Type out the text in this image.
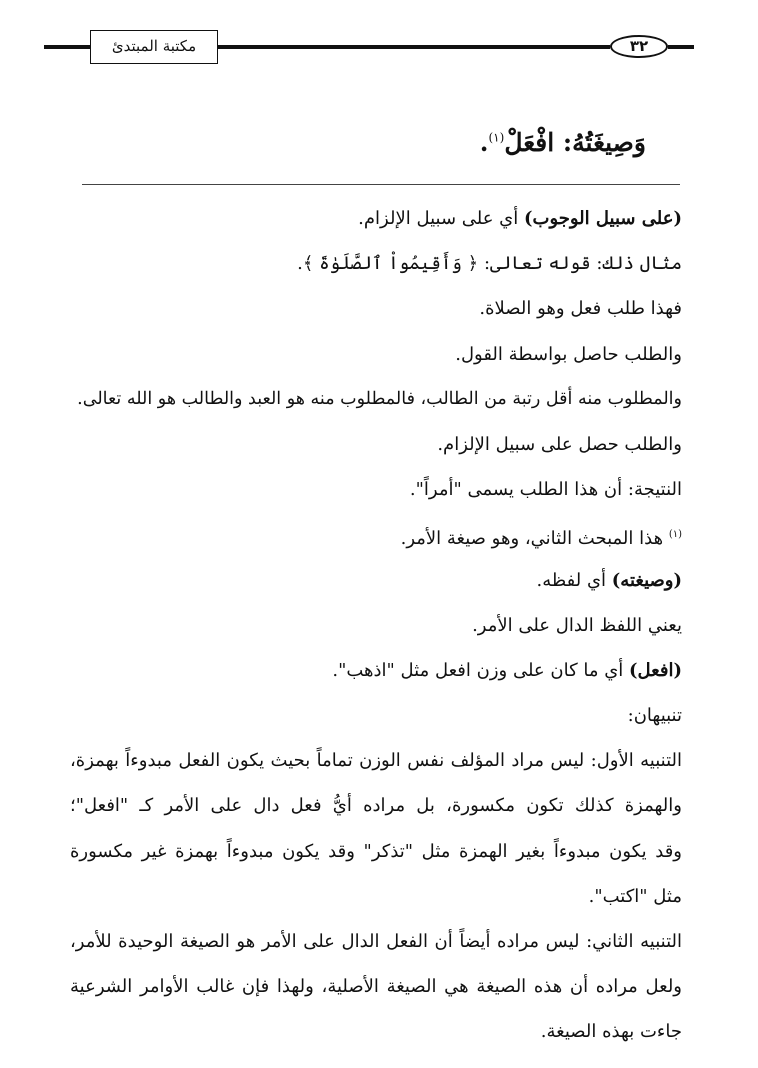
مكتبة المبتدئ	٣٢
وَصِيغَتُهُ: افْعَلْ$^{(١)}$.

(على سبيل الوجوب) أي على سبيل الإلزام.

مثال ذلك: قوله تعالى: ﴿ وَأَقِيمُواْ ٱلصَّلَوٰةَ ﴾.

فهذا طلب فعل وهو الصلاة.

والطلب حاصل بواسطة القول.

والمطلوب منه أقل رتبة من الطالب، فالمطلوب منه هو العبد والطالب هو الله تعالى.

والطلب حصل على سبيل الإلزام.

النتيجة: أن هذا الطلب يسمى "أمراً".

$^{(١)}$ هذا المبحث الثاني، وهو صيغة الأمر.

(وصيغته) أي لفظه.

يعني اللفظ الدال على الأمر.

(افعل) أي ما كان على وزن افعل مثل "اذهب".

تنبيهان:

التنبيه الأول: ليس مراد المؤلف نفس الوزن تماماً بحيث يكون الفعل مبدوءاً بهمزة،

والهمزة كذلك تكون مكسورة، بل مراده أيُّ فعل دال على الأمر كـ "افعل"؛

وقد يكون مبدوءاً بغير الهمزة مثل "تذكر" وقد يكون مبدوءاً بهمزة غير مكسورة

مثل "اكتب".

التنبيه الثاني: ليس مراده أيضاً أن الفعل الدال على الأمر هو الصيغة الوحيدة للأمر،

ولعل مراده أن هذه الصيغة هي الصيغة الأصلية، ولهذا فإن غالب الأوامر الشرعية

جاءت بهذه الصيغة.
